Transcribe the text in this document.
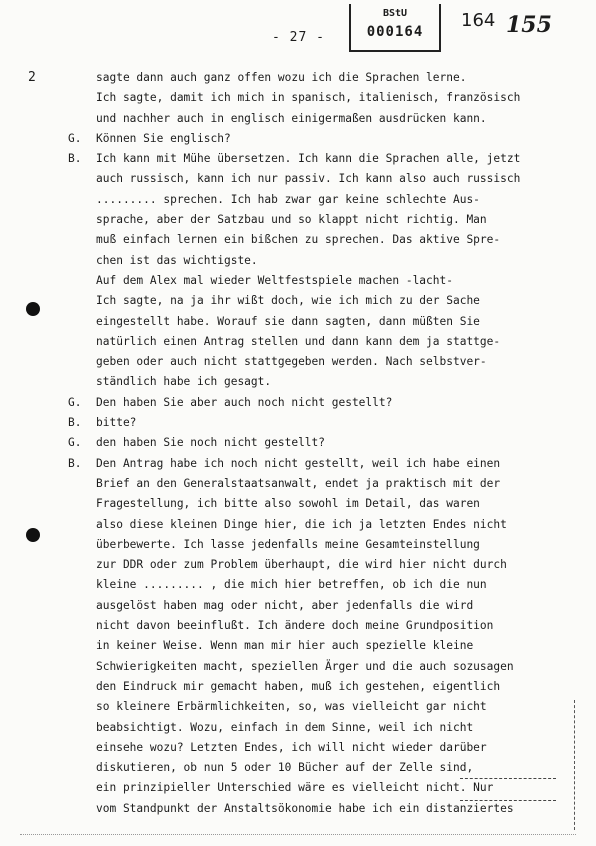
- 27 -
BStU
000164
164 155
2
G.
B.
G.
B.
G.
B.
sagte dann auch ganz offen wozu ich die Sprachen lerne.
Ich sagte, damit ich mich in spanisch, italienisch, französisch
und nachher auch in englisch einigermaßen ausdrücken kann.
Können Sie englisch?
Ich kann mit Mühe übersetzen. Ich kann die Sprachen alle, jetzt
auch russisch, kann ich nur passiv. Ich kann also auch russisch
......... sprechen. Ich hab zwar gar keine schlechte Aus-
sprache, aber der Satzbau und so klappt nicht richtig. Man
muß einfach lernen ein bißchen zu sprechen. Das aktive Spre-
chen ist das wichtigste.
Auf dem Alex mal wieder Weltfestspiele machen -lacht-
Ich sagte, na ja ihr wißt doch, wie ich mich zu der Sache
eingestellt habe. Worauf sie dann sagten, dann müßten Sie
natürlich einen Antrag stellen und dann kann dem ja stattge-
geben oder auch nicht stattgegeben werden. Nach selbstver-
ständlich habe ich gesagt.
Den haben Sie aber auch noch nicht gestellt?
bitte?
den haben Sie noch nicht gestellt?
Den Antrag habe ich noch nicht gestellt, weil ich habe einen
Brief an den Generalstaatsanwalt, endet ja praktisch mit der
Fragestellung, ich bitte also sowohl im Detail, das waren
also diese kleinen Dinge hier, die ich ja letzten Endes nicht
überbewerte. Ich lasse jedenfalls meine Gesamteinstellung
zur DDR oder zum Problem überhaupt, die wird hier nicht durch
kleine ......... , die mich hier betreffen, ob ich die nun
ausgelöst haben mag oder nicht, aber jedenfalls die wird
nicht davon beeinflußt. Ich ändere doch meine Grundposition
in keiner Weise. Wenn man mir hier auch spezielle kleine
Schwierigkeiten macht, speziellen Ärger und die auch sozusagen
den Eindruck mir gemacht haben, muß ich gestehen, eigentlich
so kleinere Erbärmlichkeiten, so, was vielleicht gar nicht
beabsichtigt. Wozu, einfach in dem Sinne, weil ich nicht
einsehe wozu? Letzten Endes, ich will nicht wieder darüber
diskutieren, ob nun 5 oder 10 Bücher auf der Zelle sind,
ein prinzipieller Unterschied wäre es vielleicht nicht. Nur
vom Standpunkt der Anstaltsökonomie habe ich ein distanziertes
